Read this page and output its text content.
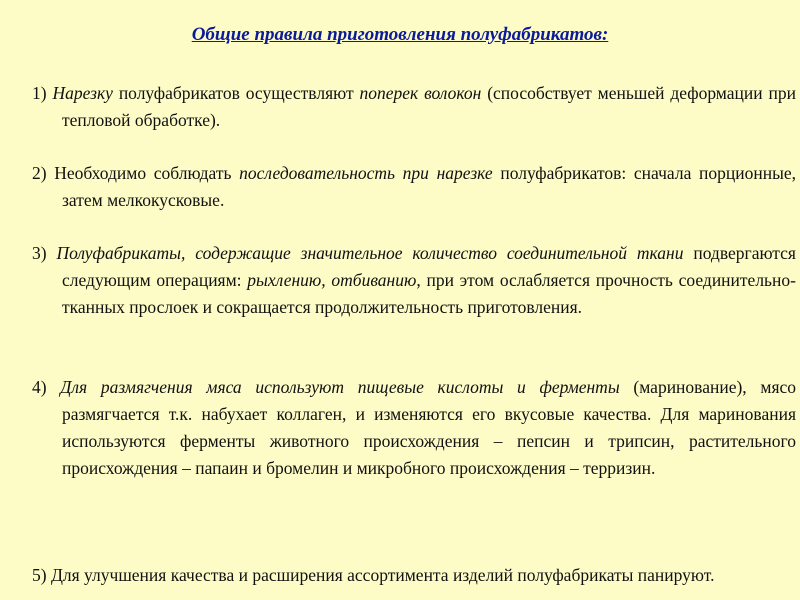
Общие правила приготовления полуфабрикатов:
1) Нарезку полуфабрикатов осуществляют поперек волокон (способствует меньшей деформации при тепловой обработке).
2) Необходимо соблюдать последовательность при нарезке полуфабрикатов: сначала порционные, затем мелкокусковые.
3) Полуфабрикаты, содержащие значительное количество соединительной ткани подвергаются следующим операциям: рыхлению, отбиванию, при этом ослабляется прочность соединительно-тканных прослоек и сокращается продолжительность приготовления.
4) Для размягчения мяса используют пищевые кислоты и ферменты (маринование), мясо размягчается т.к. набухает коллаген, и изменяются его вкусовые качества. Для маринования используются ферменты животного происхождения – пепсин и трипсин, растительного происхождения – папаин и бромелин и микробного происхождения – терризин.
5) Для улучшения качества и расширения ассортимента изделий полуфабрикаты панируют.
